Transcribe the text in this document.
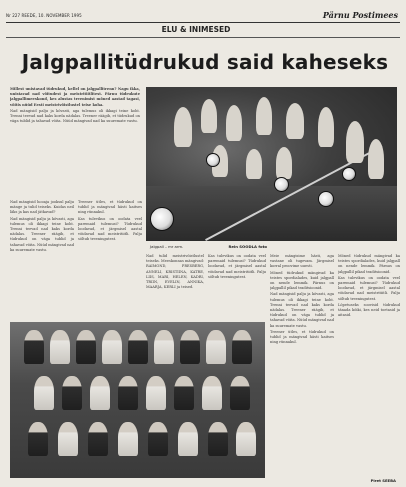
Nr 227 REEDE, 10. NOVEMBER 1995	Pärnu Postimees
ELU & INIMESED
Jalgpallitüdrukud said kaheseks

Millest unistavad tüdrukud, kellel on jalgpallitrenn? Nagu ikka, unistavad nad võitudest ja meistritiitlitest. Pärnu tüdrukute jalgpallimeeskond, kes alustas treenimist mõned aastad tagasi, võitis nüüd Eesti meistrivõistlustel teise koha.

Nad mängisid palju ja kõvasti, aga tulemus oli ikkagi teine koht. Trenni teevad nad kaks korda nädalas. Treener räägib, et tüdrukud on väga tublid ja tahavad võita. Nüüd mängivad nad ka suuremate vastu.

Nad mängisid hooaja jooksul palju mänge ja tulid teiseks. Kuidas neil läks ja kas nad jätkavad?

Nad mängisid palju ja kõvasti, aga tulemus oli ikkagi teine koht. Trenni teevad nad kaks korda nädalas. Treener räägib, et tüdrukud on väga tublid ja tahavad võita. Nüüd mängivad nad ka suuremate vastu.

Treener ütles, et tüdrukud on tublid ja mängivad hästi kaitses ning rünnakul.

Kas tulevikus on oodata veel paremaid tulemusi? Tüdrukud loodavad, et järgmisel aastal võidavad nad meistritiitli. Palju sõltub treeningutest.

Jalgpall – mr arm.	Rein SOODLA foto

Nad tulid meistrivõistlustel teiseks. Meeskonnas mängivad: RAIMOND, PRESBERG, ANNELI, KRISTIINA, KATRE, LIIS, MARI, HELEN, KADRI, TRIIN, EVELIN, ANNIKA, MAARJA, KERLI ja teised.

Kas tulevikus on oodata veel paremaid tulemusi? Tüdrukud loodavad, et järgmisel aastal võidavad nad meistritiitli. Palju sõltub treeningutest.

Meie mängisime hästi, aga vastane oli tugevam. Järgmisel korral proovime uuesti.

Mõned tüdrukud mängivad ka teistes spordialades, kuid jalgpall on nende lemmik. Pärnus on jalgpallil pikad traditsioonid.

Nad mängisid palju ja kõvasti, aga tulemus oli ikkagi teine koht. Trenni teevad nad kaks korda nädalas. Treener räägib, et tüdrukud on väga tublid ja tahavad võita. Nüüd mängivad nad ka suuremate vastu.

Treener ütles, et tüdrukud on tublid ja mängivad hästi kaitses ning rünnakul.

Mõned tüdrukud mängivad ka teistes spordialades, kuid jalgpall on nende lemmik. Pärnus on jalgpallil pikad traditsioonid.

Kas tulevikus on oodata veel paremaid tulemusi? Tüdrukud loodavad, et järgmisel aastal võidavad nad meistritiitli. Palju sõltub treeningutest.

Lõpetuseks soovisid tüdrukud tänada kõiki, kes neid toetasid ja aitasid.

Piret SEEBA
